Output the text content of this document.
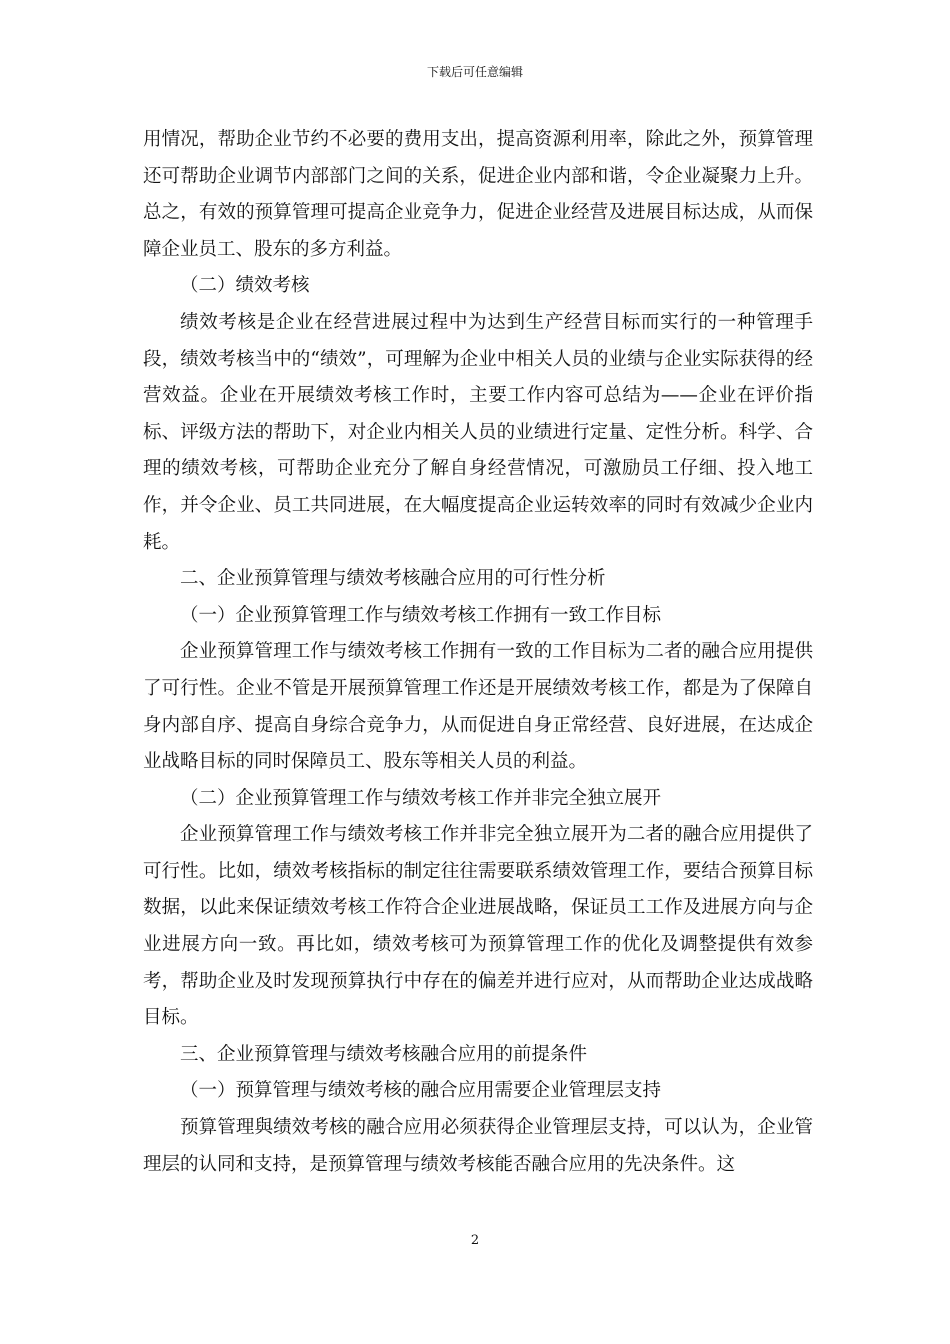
下载后可任意编辑

用情况，帮助企业节约不必要的费用支出，提高资源利用率，除此之外，预算管理还可帮助企业调节内部部门之间的关系，促进企业内部和谐，令企业凝聚力上升。总之，有效的预算管理可提高企业竞争力，促进企业经营及进展目标达成，从而保障企业员工、股东的多方利益。

（二）绩效考核

绩效考核是企业在经营进展过程中为达到生产经营目标而实行的一种管理手段，绩效考核当中的“绩效”，可理解为企业中相关人员的业绩与企业实际获得的经营效益。企业在开展绩效考核工作时，主要工作内容可总结为——企业在评价指标、评级方法的帮助下，对企业内相关人员的业绩进行定量、定性分析。科学、合理的绩效考核，可帮助企业充分了解自身经营情况，可激励员工仔细、投入地工作，并令企业、员工共同进展，在大幅度提高企业运转效率的同时有效减少企业内耗。

二、企业预算管理与绩效考核融合应用的可行性分析

（一）企业预算管理工作与绩效考核工作拥有一致工作目标

企业预算管理工作与绩效考核工作拥有一致的工作目标为二者的融合应用提供了可行性。企业不管是开展预算管理工作还是开展绩效考核工作，都是为了保障自身内部自序、提高自身综合竞争力，从而促进自身正常经营、良好进展，在达成企业战略目标的同时保障员工、股东等相关人员的利益。

（二）企业预算管理工作与绩效考核工作并非完全独立展开

企业预算管理工作与绩效考核工作并非完全独立展开为二者的融合应用提供了可行性。比如，绩效考核指标的制定往往需要联系绩效管理工作，要结合预算目标数据，以此来保证绩效考核工作符合企业进展战略，保证员工工作及进展方向与企业进展方向一致。再比如，绩效考核可为预算管理工作的优化及调整提供有效参考，帮助企业及时发现预算执行中存在的偏差并进行应对，从而帮助企业达成战略目标。

三、企业预算管理与绩效考核融合应用的前提条件

（一）预算管理与绩效考核的融合应用需要企业管理层支持

预算管理與绩效考核的融合应用必须获得企业管理层支持，可以认为，企业管理层的认同和支持，是预算管理与绩效考核能否融合应用的先决条件。这

2
